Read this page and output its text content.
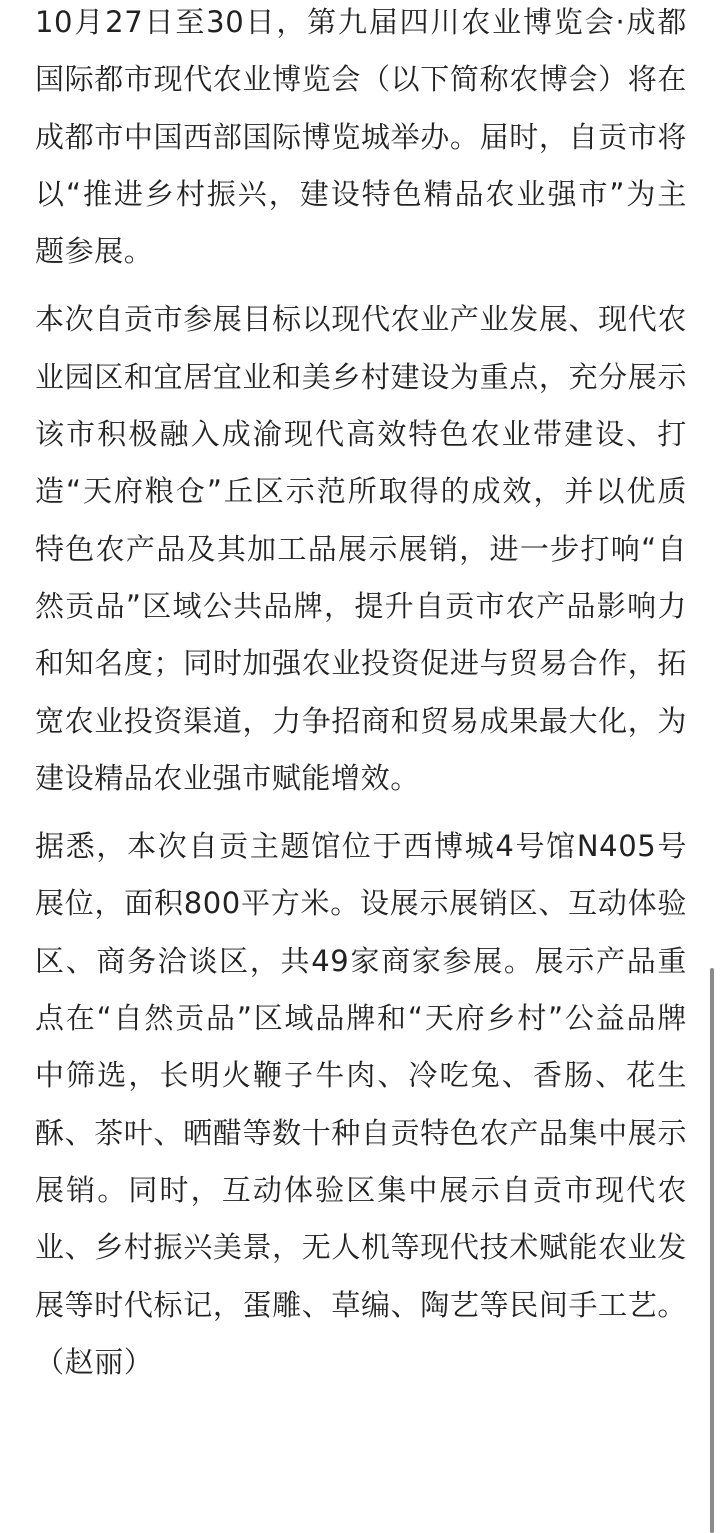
10月27日至30日，第九届四川农业博览会·成都国际都市现代农业博览会（以下简称农博会）将在成都市中国西部国际博览城举办。届时，自贡市将以“推进乡村振兴，建设特色精品农业强市”为主题参展。

本次自贡市参展目标以现代农业产业发展、现代农业园区和宜居宜业和美乡村建设为重点，充分展示该市积极融入成渝现代高效特色农业带建设、打造“天府粮仓”丘区示范所取得的成效，并以优质特色农产品及其加工品展示展销，进一步打响“自然贡品”区域公共品牌，提升自贡市农产品影响力和知名度；同时加强农业投资促进与贸易合作，拓宽农业投资渠道，力争招商和贸易成果最大化，为建设精品农业强市赋能增效。

据悉，本次自贡主题馆位于西博城4号馆N405号展位，面积800平方米。设展示展销区、互动体验区、商务洽谈区，共49家商家参展。展示产品重点在“自然贡品”区域品牌和“天府乡村”公益品牌中筛选，长明火鞭子牛肉、冷吃兔、香肠、花生酥、茶叶、晒醋等数十种自贡特色农产品集中展示展销。同时，互动体验区集中展示自贡市现代农业、乡村振兴美景，无人机等现代技术赋能农业发展等时代标记，蛋雕、草编、陶艺等民间手工艺。（赵丽）
